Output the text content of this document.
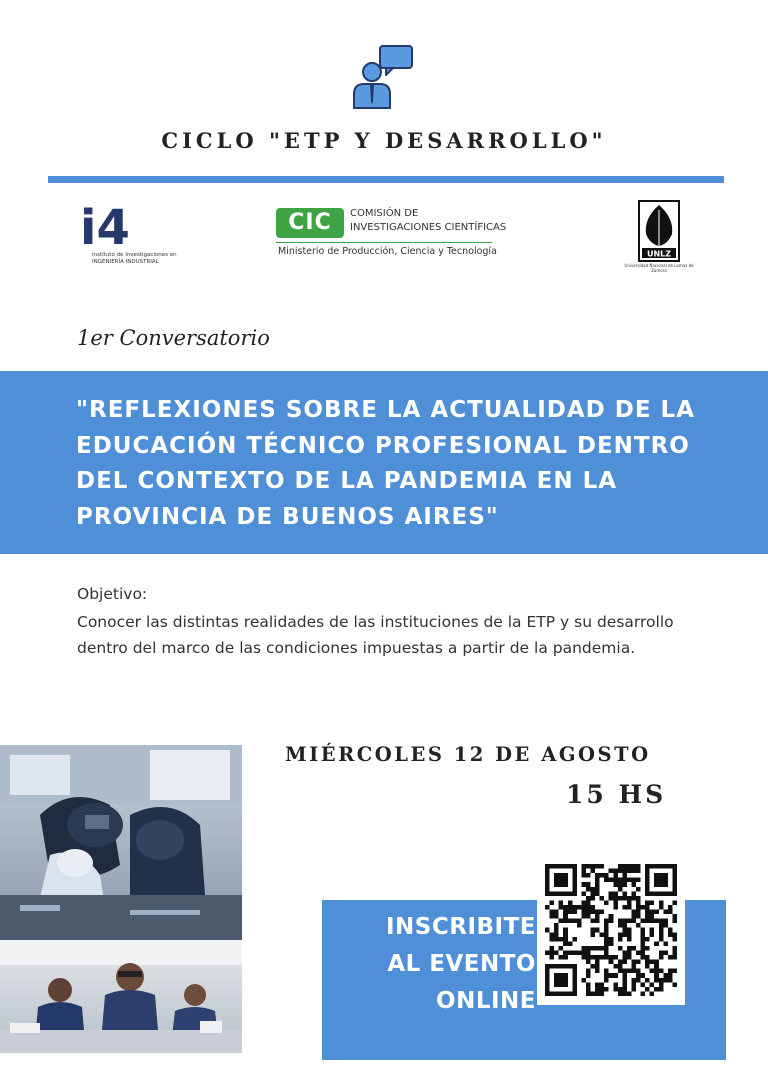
CICLO "ETP Y DESARROLLO"
i4
Instituto de Investigaciones en
INGENIERÍA INDUSTRIAL
CIC	COMISIÓN DE
INVESTIGACIONES CIENTÍFICAS
Ministerio de Producción, Ciencia y Tecnología	UNLZ
Universidad Nacional de Lomas de Zamora
1er Conversatorio
"REFLEXIONES SOBRE LA ACTUALIDAD DE LA EDUCACIÓN TÉCNICO PROFESIONAL DENTRO DEL CONTEXTO DE LA PANDEMIA EN LA PROVINCIA DE BUENOS AIRES"
Objetivo:
Conocer las distintas realidades de las instituciones de la ETP y su desarrollo dentro del marco de las condiciones impuestas a partir de la pandemia.
MIÉRCOLES 12 DE AGOSTO
15 HS
INSCRIBITE
AL EVENTO
ONLINE
